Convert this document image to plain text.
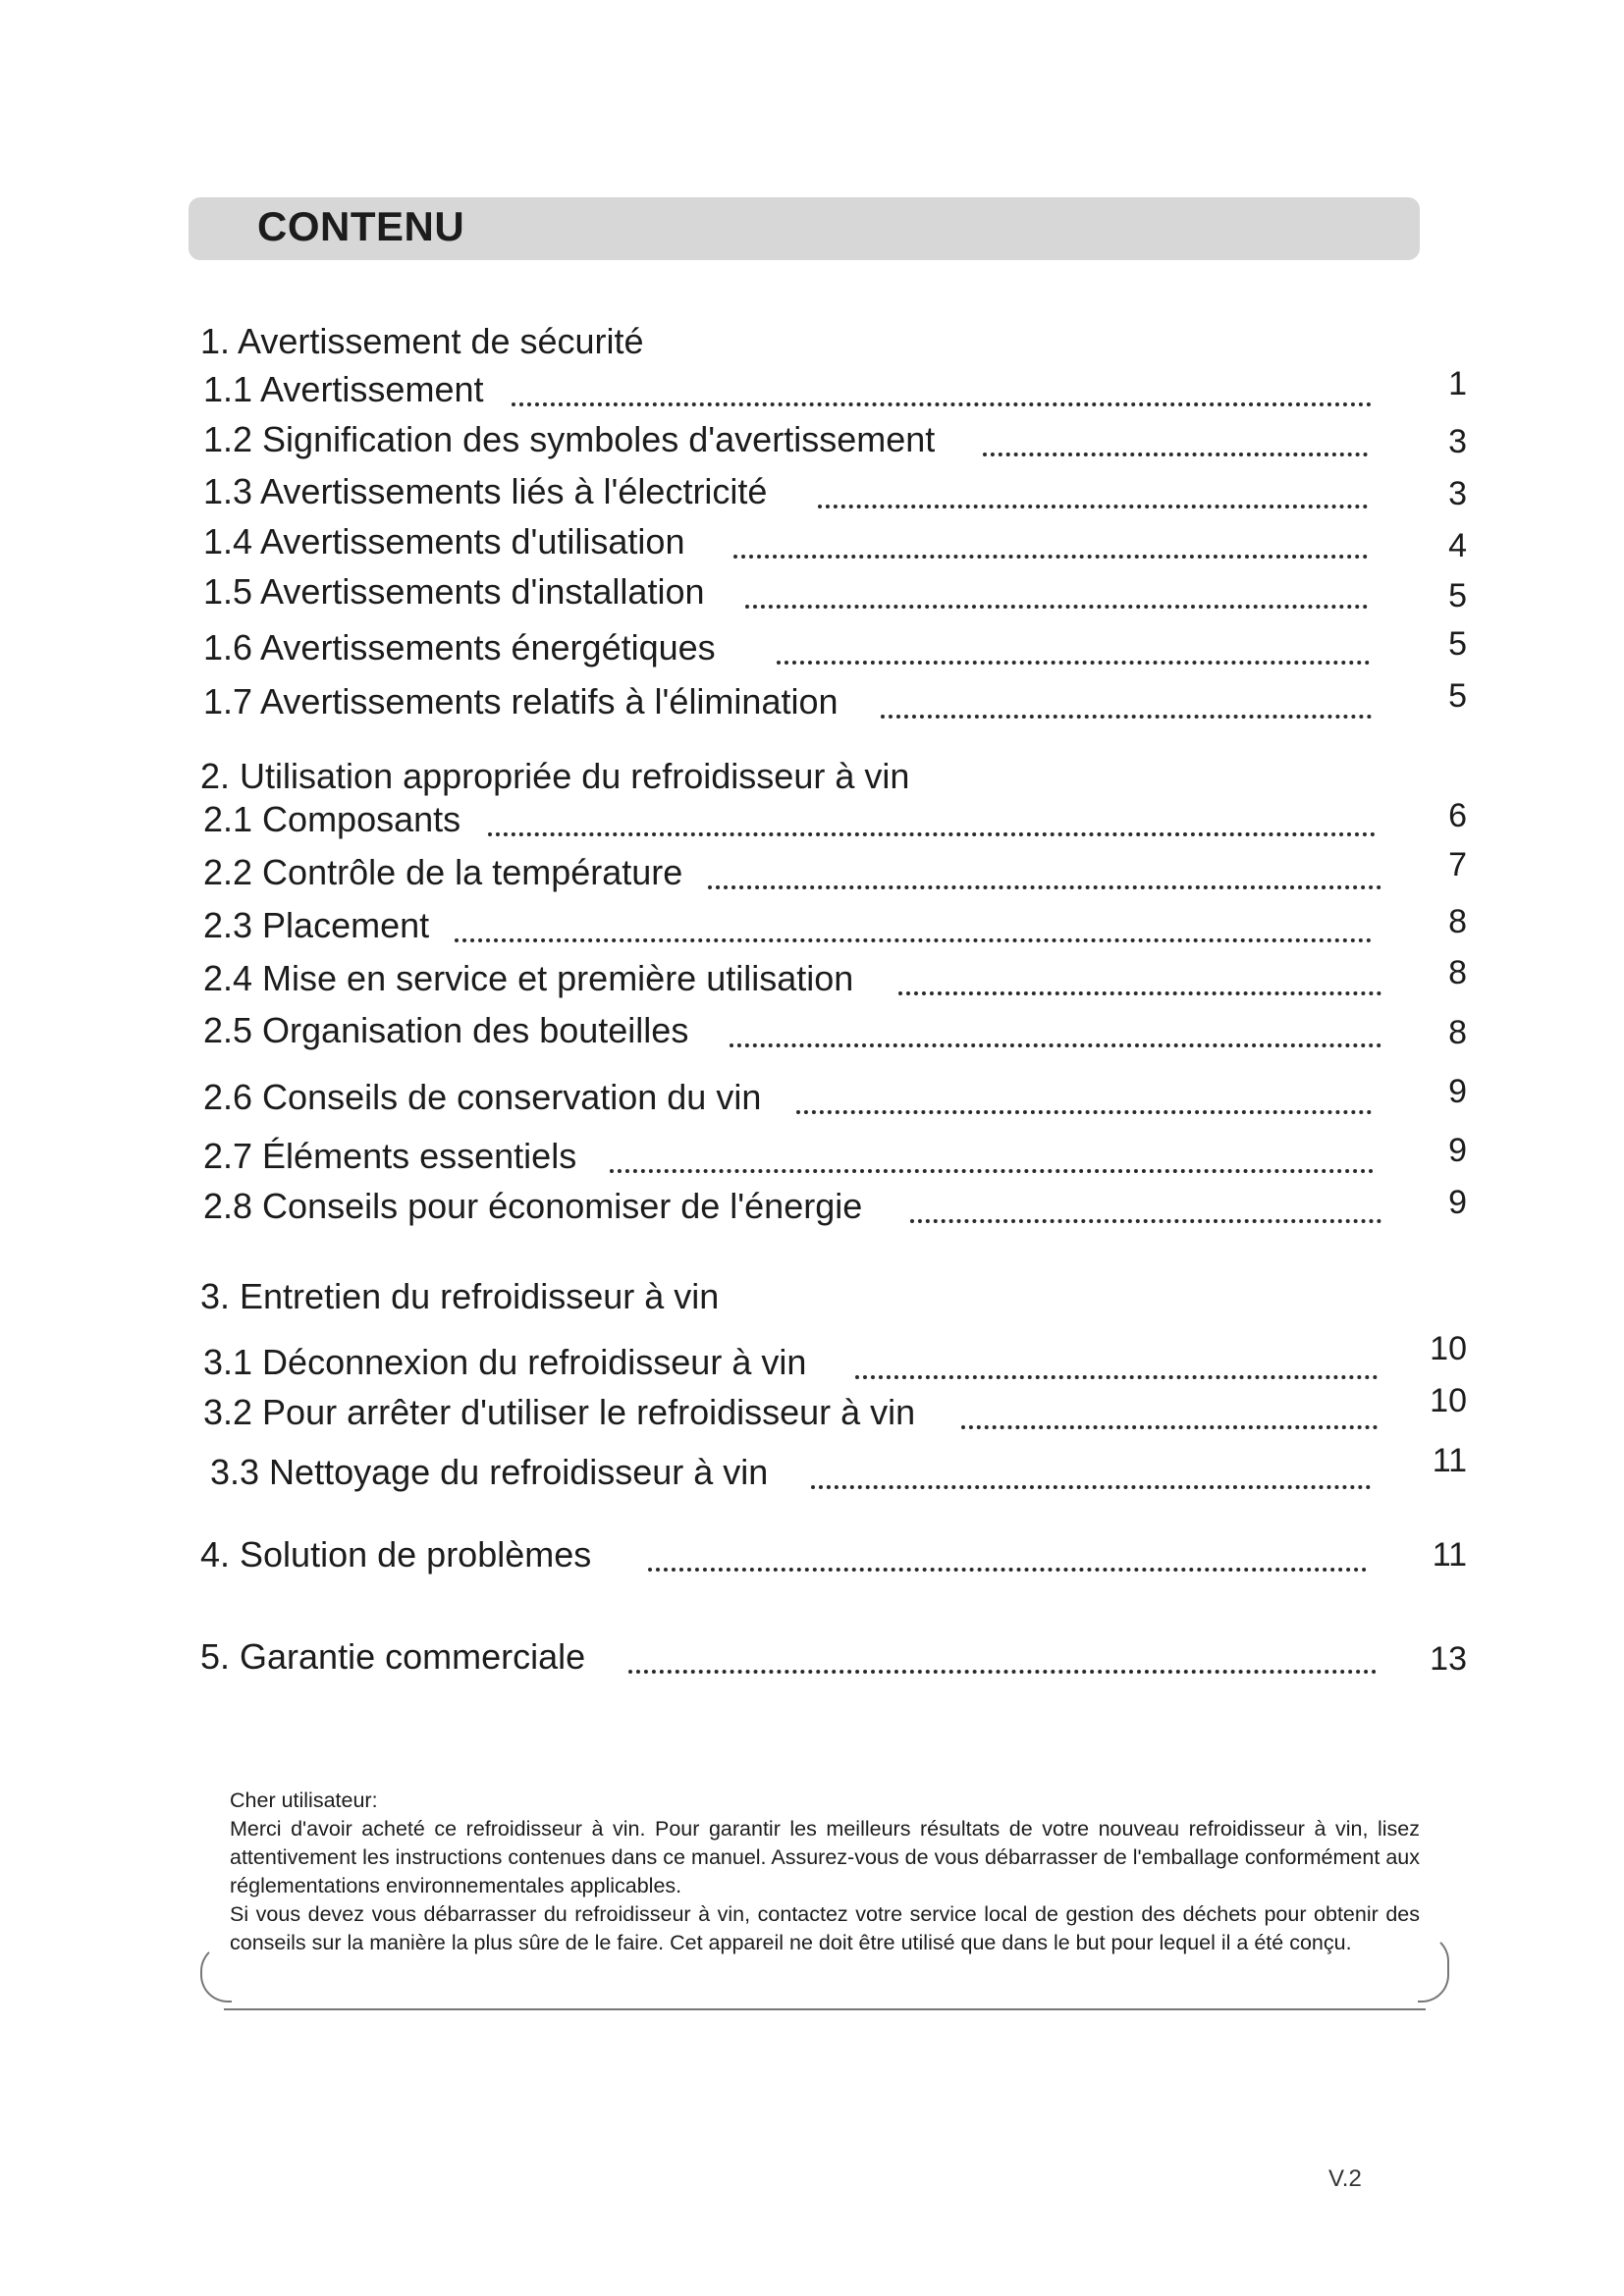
CONTENU
1. Avertissement de sécurité
1.1 Avertissement	1
1.2 Signification des symboles d'avertissement	3
1.3 Avertissements liés à l'électricité	3
1.4 Avertissements d'utilisation	4
1.5 Avertissements d'installation	5
1.6 Avertissements énergétiques	5
1.7 Avertissements relatifs à l'élimination	5
2. Utilisation appropriée du refroidisseur à vin
2.1 Composants	6
2.2 Contrôle de la température	7
2.3 Placement	8
2.4 Mise en service et première utilisation	8
2.5 Organisation des bouteilles	8
2.6 Conseils de conservation du vin	9
2.7 Éléments essentiels	9
2.8 Conseils pour économiser de l'énergie	9
3. Entretien du refroidisseur à vin
3.1 Déconnexion du refroidisseur à vin	10
3.2 Pour arrêter d'utiliser le refroidisseur à vin	10
3.3 Nettoyage du refroidisseur à vin	11
4. Solution de problèmes	11
5. Garantie commerciale	13

Cher utilisateur:

Merci d'avoir acheté ce refroidisseur à vin. Pour garantir les meilleurs résultats de votre nouveau refroidisseur à vin, lisez attentivement les instructions contenues dans ce manuel. Assurez-vous de vous débarrasser de l'emballage conformément aux réglementations environnementales applicables.

Si vous devez vous débarrasser du refroidisseur à vin, contactez votre service local de gestion des déchets pour obtenir des conseils sur la manière la plus sûre de le faire. Cet appareil ne doit être utilisé que dans le but pour lequel il a été conçu.

V.2
